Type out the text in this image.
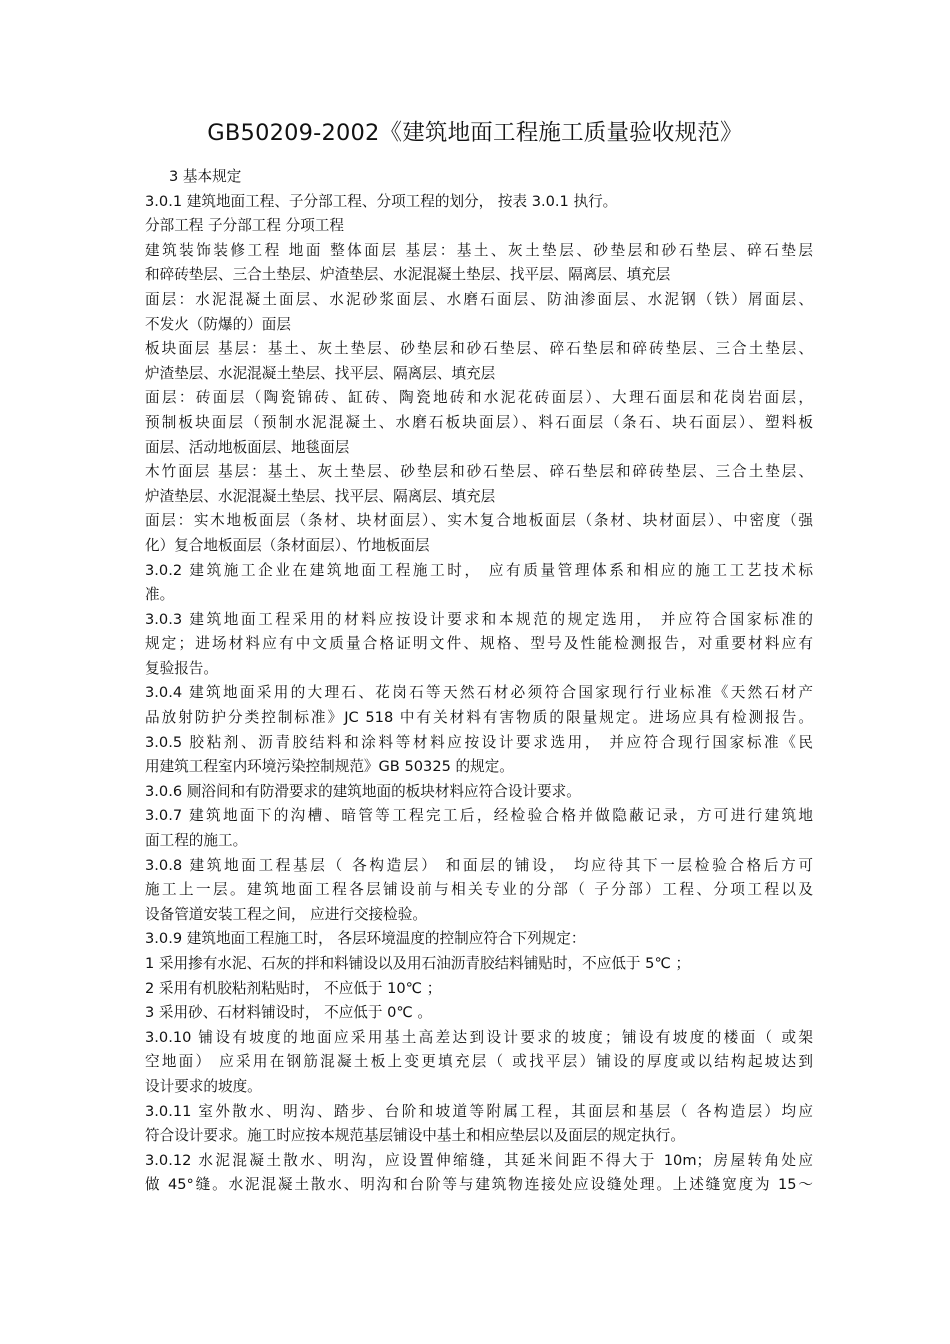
GB50209-2002《建筑地面工程施工质量验收规范》
3 基本规定
3.0.1 建筑地面工程、子分部工程、分项工程的划分， 按表 3.0.1 执行。
分部工程 子分部工程 分项工程
建筑装饰装修工程 地面 整体面层 基层：基土、灰土垫层、砂垫层和砂石垫层、碎石垫层
和碎砖垫层、三合土垫层、炉渣垫层、水泥混凝土垫层、找平层、隔离层、填充层
面层：水泥混凝土面层、水泥砂浆面层、水磨石面层、防油渗面层、水泥钢（铁）屑面层、
不发火（防爆的）面层
板块面层 基层：基土、灰土垫层、砂垫层和砂石垫层、碎石垫层和碎砖垫层、三合土垫层、
炉渣垫层、水泥混凝土垫层、找平层、隔离层、填充层
面层：砖面层（陶瓷锦砖、缸砖、陶瓷地砖和水泥花砖面层）、大理石面层和花岗岩面层，
预制板块面层（预制水泥混凝土、水磨石板块面层）、料石面层（条石、块石面层）、塑料板
面层、活动地板面层、地毯面层
木竹面层 基层：基土、灰土垫层、砂垫层和砂石垫层、碎石垫层和碎砖垫层、三合土垫层、
炉渣垫层、水泥混凝土垫层、找平层、隔离层、填充层
面层：实木地板面层（条材、块材面层）、实木复合地板面层（条材、块材面层）、中密度（强
化）复合地板面层（条材面层）、竹地板面层
3.0.2 建筑施工企业在建筑地面工程施工时， 应有质量管理体系和相应的施工工艺技术标
准。
3.0.3 建筑地面工程采用的材料应按设计要求和本规范的规定选用， 并应符合国家标准的
规定；进场材料应有中文质量合格证明文件、规格、型号及性能检测报告，对重要材料应有
复验报告。
3.0.4 建筑地面采用的大理石、花岗石等天然石材必须符合国家现行行业标准《天然石材产
品放射防护分类控制标准》JC 518 中有关材料有害物质的限量规定。进场应具有检测报告。
3.0.5 胶粘剂、沥青胶结料和涂料等材料应按设计要求选用， 并应符合现行国家标准《民
用建筑工程室内环境污染控制规范》GB 50325 的规定。
3.0.6 厕浴间和有防滑要求的建筑地面的板块材料应符合设计要求。
3.0.7 建筑地面下的沟槽、暗管等工程完工后，经检验合格并做隐蔽记录，方可进行建筑地
面工程的施工。
3.0.8 建筑地面工程基层（ 各构造层） 和面层的铺设， 均应待其下一层检验合格后方可
施工上一层。建筑地面工程各层铺设前与相关专业的分部（ 子分部）工程、分项工程以及
设备管道安装工程之间， 应进行交接检验。
3.0.9 建筑地面工程施工时， 各层环境温度的控制应符合下列规定：
1 采用掺有水泥、石灰的拌和料铺设以及用石油沥青胶结料铺贴时，不应低于 5℃ ；
2 采用有机胶粘剂粘贴时， 不应低于 10℃ ；
3 采用砂、石材料铺设时， 不应低于 0℃ 。
3.0.10 铺设有坡度的地面应采用基土高差达到设计要求的坡度；铺设有坡度的楼面（ 或架
空地面） 应采用在钢筋混凝土板上变更填充层（ 或找平层）铺设的厚度或以结构起坡达到
设计要求的坡度。
3.0.11 室外散水、明沟、踏步、台阶和坡道等附属工程，其面层和基层（ 各构造层）均应
符合设计要求。施工时应按本规范基层铺设中基土和相应垫层以及面层的规定执行。
3.0.12 水泥混凝土散水、明沟，应设置伸缩缝，其延米间距不得大于 10m；房屋转角处应
做 45°缝。水泥混凝土散水、明沟和台阶等与建筑物连接处应设缝处理。上述缝宽度为 15～
